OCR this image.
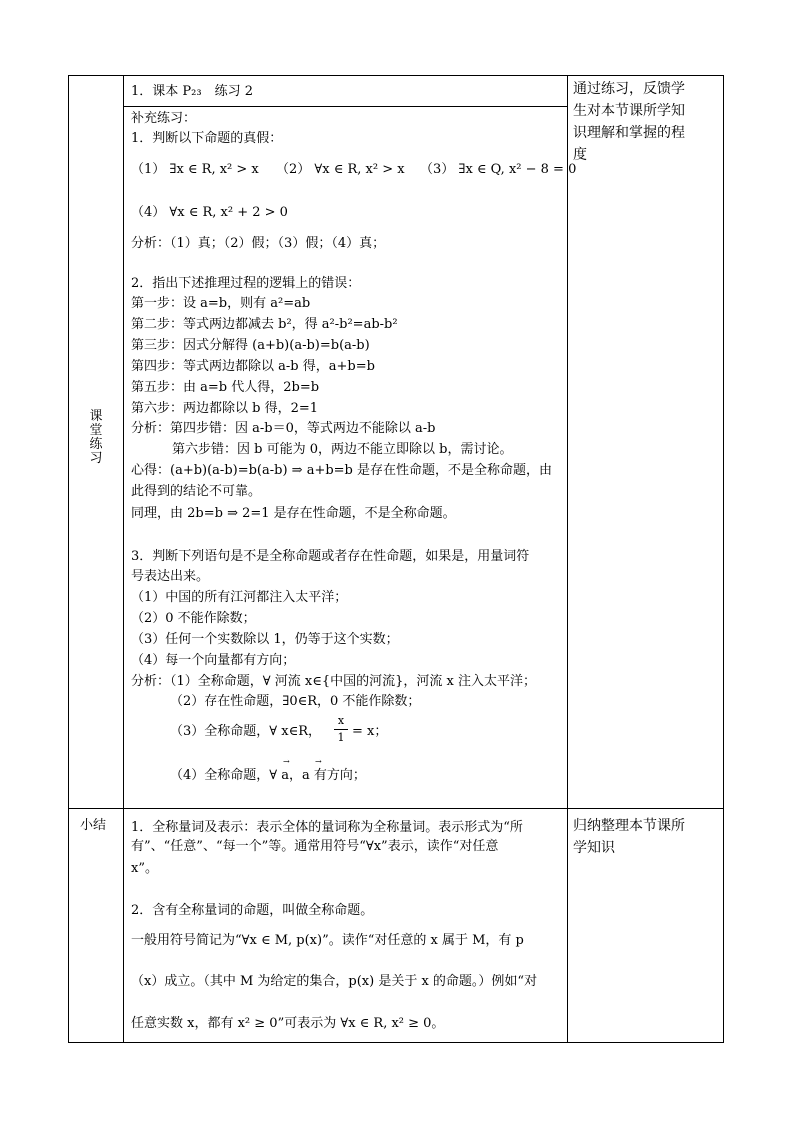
课
堂
练
习
小结
通过练习，反馈学
生对本节课所学知
识理解和掌握的程
度
归纳整理本节课所
学知识
1．课本 P₂₃　练习 2
补充练习：
1．判断以下命题的真假：
（1） ∃x ∈ R, x² > x （2） ∀x ∈ R, x² > x （3） ∃x ∈ Q, x² − 8 = 0
（4） ∀x ∈ R, x² + 2 > 0
分析：（1）真；（2）假；（3）假；（4）真；
2．指出下述推理过程的逻辑上的错误：
第一步：设 a=b，则有 a²=ab
第二步：等式两边都减去 b²，得 a²-b²=ab-b²
第三步：因式分解得 (a+b)(a-b)=b(a-b)
第四步：等式两边都除以 a-b 得，a+b=b
第五步：由 a=b 代人得，2b=b
第六步：两边都除以 b 得，2=1
分析：第四步错：因 a-b＝0，等式两边不能除以 a-b
第六步错：因 b 可能为 0，两边不能立即除以 b，需讨论。
心得：(a+b)(a-b)=b(a-b) ⇒ a+b=b 是存在性命题，不是全称命题，由
此得到的结论不可靠。
同理，由 2b=b ⇒ 2=1 是存在性命题，不是全称命题。
3．判断下列语句是不是全称命题或者存在性命题，如果是，用量词符
号表达出来。
（1）中国的所有江河都注入太平洋；
（2）0 不能作除数；
（3）任何一个实数除以 1，仍等于这个实数；
（4）每一个向量都有方向；
分析：（1）全称命题，∀ 河流 x∈{中国的河流}，河流 x 注入太平洋；
（2）存在性命题，∃0∈R，0 不能作除数；
（3）全称命题，∀ x∈R，
x
1 = x；
（4）全称命题，∀ a，a 有方向；
→	→
1．全称量词及表示：表示全体的量词称为全称量词。表示形式为“所
有”、“任意”、“每一个”等。通常用符号“∀x”表示，读作“对任意
x”。
2．含有全称量词的命题，叫做全称命题。
一般用符号简记为“∀x ∈ M, p(x)”。读作“对任意的 x 属于 M，有 p
（x）成立。（其中 M 为给定的集合，p(x) 是关于 x 的命题。）例如“对
任意实数 x，都有 x² ≥ 0”可表示为 ∀x ∈ R, x² ≥ 0。
